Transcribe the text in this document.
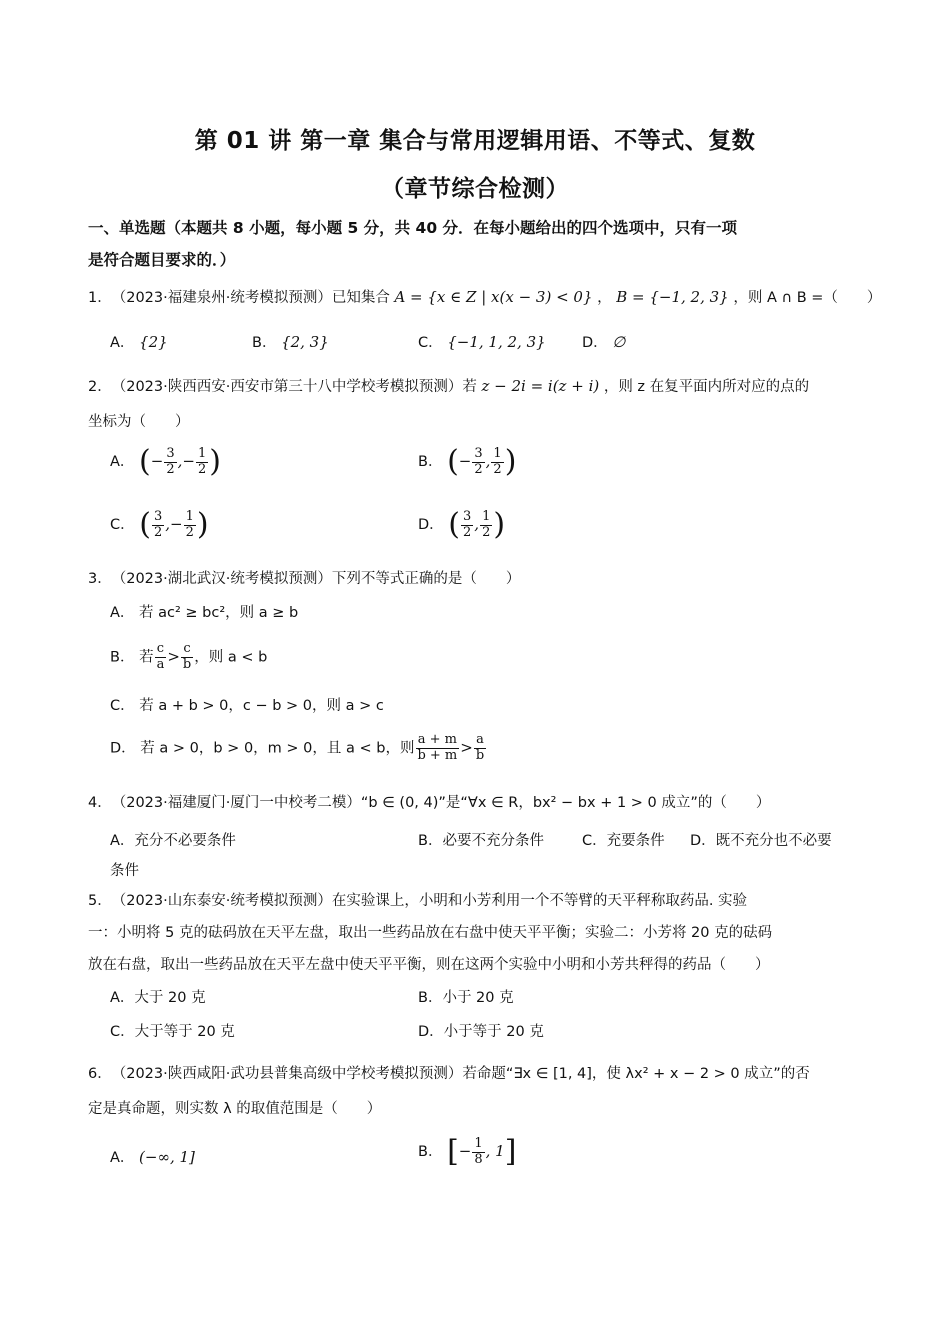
第 01 讲 第一章 集合与常用逻辑用语、不等式、复数
（章节综合检测）
一、单选题（本题共 8 小题，每小题 5 分，共 40 分．在每小题给出的四个选项中，只有一项
是符合题目要求的．）
1．　（2023·福建泉州·统考模拟预测）已知集合 A = {x ∈ Z | x(x − 3) < 0} ， B = {−1, 2, 3} ，则 A ∩ B =（　　）
A． {2}	B． {2, 3}	C． {−1, 1, 2, 3}	D． ∅
2．　（2023·陕西西安·西安市第三十八中学校考模拟预测）若 z − 2i = i(z + i) ，则 z 在复平面内所对应的点的
坐标为（　　）
A． (− $\frac{3}{2}$ ,− $\frac{1}{2}$ )	B． (− $\frac{3}{2}$ , $\frac{1}{2}$ )
C． ( $\frac{3}{2}$ ,− $\frac{1}{2}$ )	D． ( $\frac{3}{2}$ , $\frac{1}{2}$ )
3．　（2023·湖北武汉·统考模拟预测）下列不等式正确的是（　　）
A． 若 ac² ≥ bc²，则 a ≥ b
B． 若 $\frac{c}{a} > \frac{c}{b}$ ，则 a < b
C． 若 a + b > 0，c − b > 0，则 a > c
D． 若 a > 0，b > 0，m > 0，且 a < b，则 $\frac{a + m}{b + m} > \frac{a}{b}$
4．　（2023·福建厦门·厦门一中校考二模）“b ∈ (0, 4)”是“∀x ∈ R，bx² − bx + 1 > 0 成立”的（　　）
A．充分不必要条件	B．必要不充分条件	C．充要条件 D．既不充分也不必要
条件
5．　（2023·山东泰安·统考模拟预测）在实验课上，小明和小芳利用一个不等臂的天平秤称取药品. 实验
一：小明将 5 克的砝码放在天平左盘，取出一些药品放在右盘中使天平平衡；实验二：小芳将 20 克的砝码
放在右盘，取出一些药品放在天平左盘中使天平平衡，则在这两个实验中小明和小芳共秤得的药品（　　）
A．大于 20 克	B．小于 20 克
C．大于等于 20 克	D．小于等于 20 克
6．　（2023·陕西咸阳·武功县普集高级中学校考模拟预测）若命题“∃x ∈ [1, 4]，使 λx² + x − 2 > 0 成立”的否
定是真命题，则实数 λ 的取值范围是（　　）
A． (−∞, 1]	B． [− $\frac{1}{8}$ , 1]
